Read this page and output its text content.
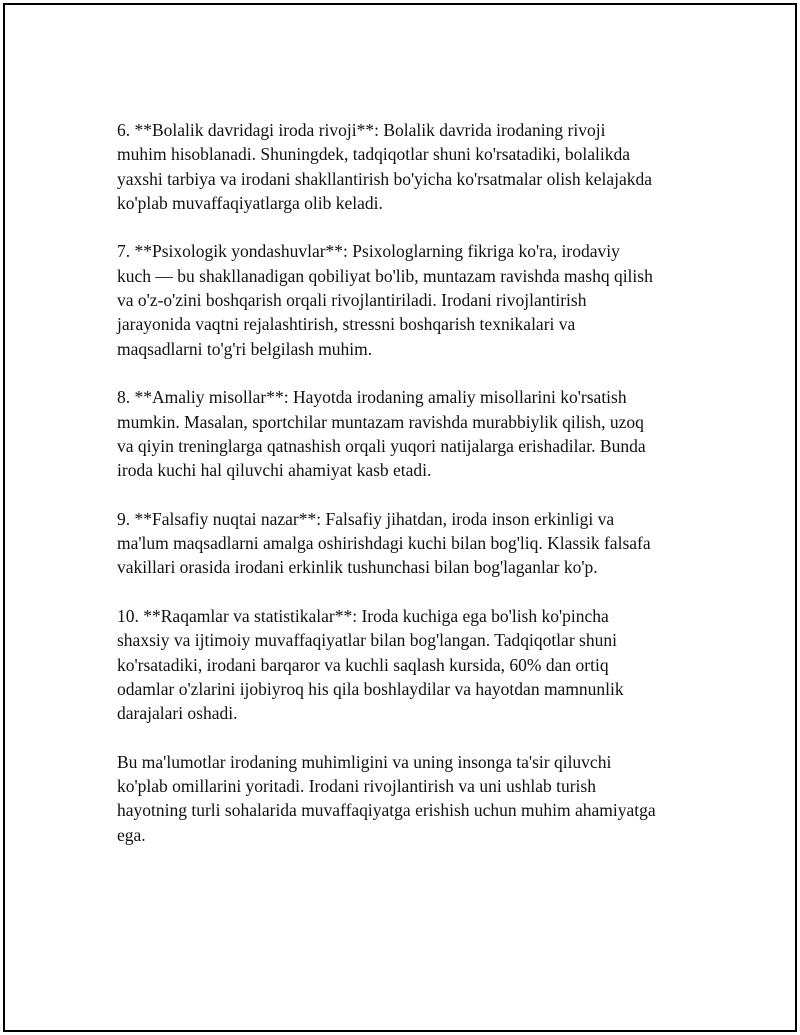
6. **Bolalik davridagi iroda rivoji**: Bolalik davrida irodaning rivoji
muhim hisoblanadi. Shuningdek, tadqiqotlar shuni ko'rsatadiki, bolalikda
yaxshi tarbiya va irodani shakllantirish bo'yicha ko'rsatmalar olish kelajakda
ko'plab muvaffaqiyatlarga olib keladi.

7. **Psixologik yondashuvlar**: Psixologlarning fikriga ko'ra, irodaviy
kuch — bu shakllanadigan qobiliyat bo'lib, muntazam ravishda mashq qilish
va o'z-o'zini boshqarish orqali rivojlantiriladi. Irodani rivojlantirish
jarayonida vaqtni rejalashtirish, stressni boshqarish texnikalari va
maqsadlarni to'g'ri belgilash muhim.

8. **Amaliy misollar**: Hayotda irodaning amaliy misollarini ko'rsatish
mumkin. Masalan, sportchilar muntazam ravishda murabbiylik qilish, uzoq
va qiyin treninglarga qatnashish orqali yuqori natijalarga erishadilar. Bunda
iroda kuchi hal qiluvchi ahamiyat kasb etadi.

9. **Falsafiy nuqtai nazar**: Falsafiy jihatdan, iroda inson erkinligi va
ma'lum maqsadlarni amalga oshirishdagi kuchi bilan bog'liq. Klassik falsafa
vakillari orasida irodani erkinlik tushunchasi bilan bog'laganlar ko'p.

10. **Raqamlar va statistikalar**: Iroda kuchiga ega bo'lish ko'pincha
shaxsiy va ijtimoiy muvaffaqiyatlar bilan bog'langan. Tadqiqotlar shuni
ko'rsatadiki, irodani barqaror va kuchli saqlash kursida, 60% dan ortiq
odamlar o'zlarini ijobiyroq his qila boshlaydilar va hayotdan mamnunlik
darajalari oshadi.

Bu ma'lumotlar irodaning muhimligini va uning insonga ta'sir qiluvchi
ko'plab omillarini yoritadi. Irodani rivojlantirish va uni ushlab turish
hayotning turli sohalarida muvaffaqiyatga erishish uchun muhim ahamiyatga
ega.
